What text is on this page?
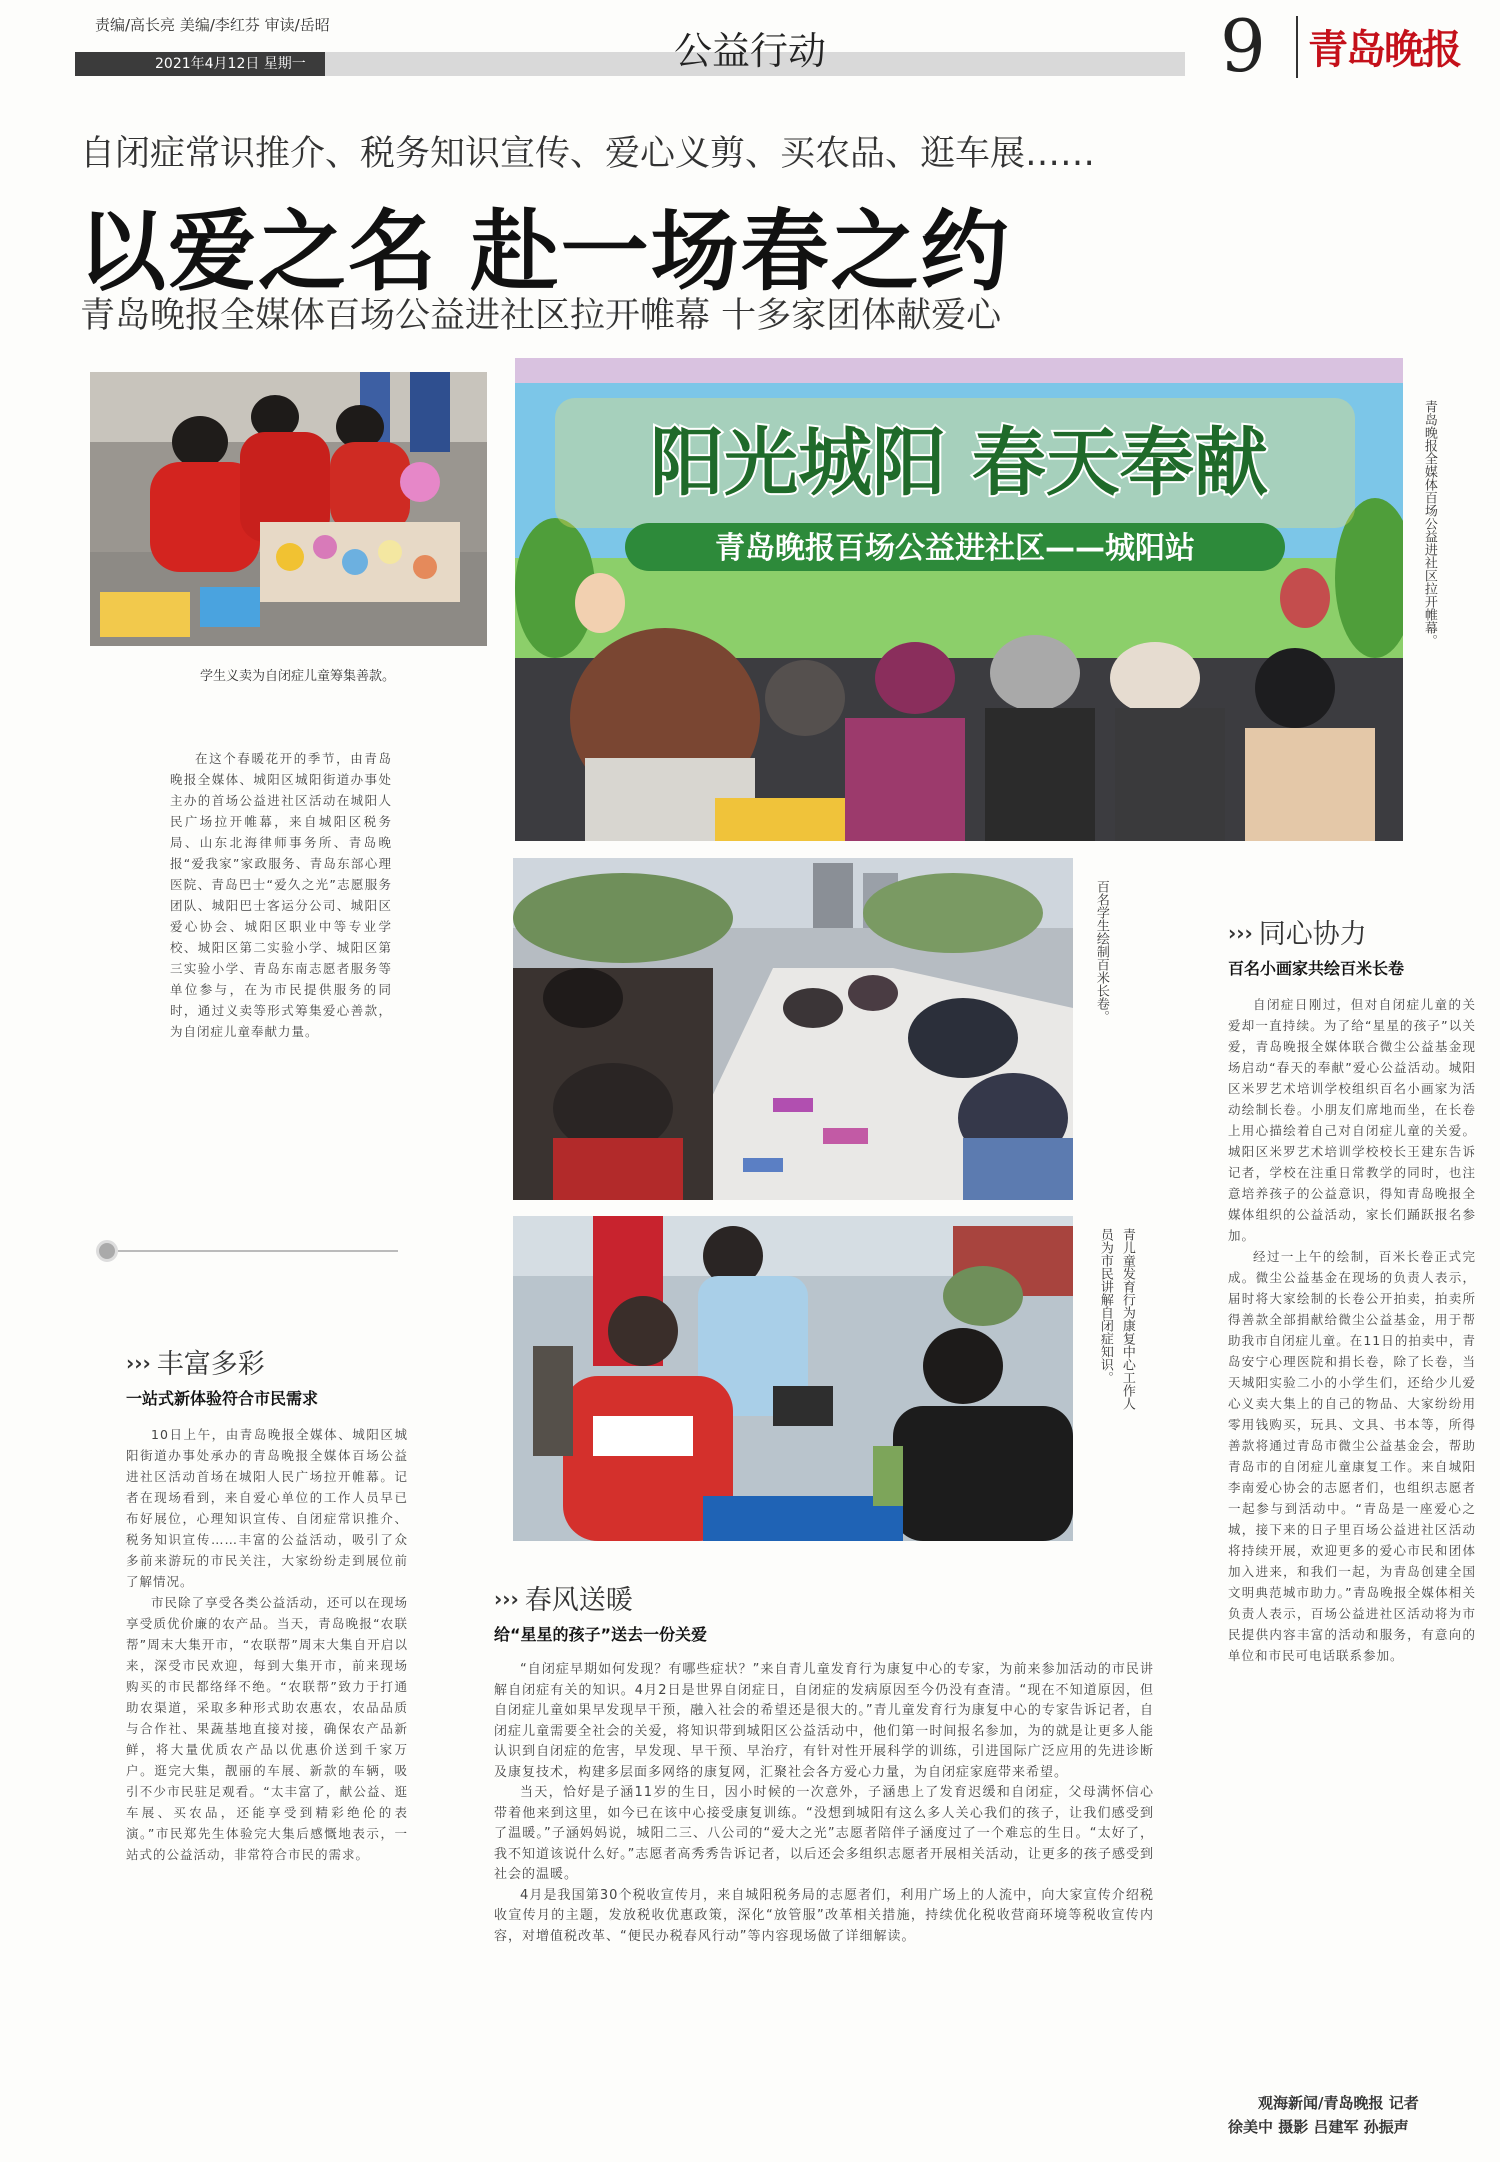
责编/高长亮 美编/李红芬 审读/岳昭
2021年4月12日 星期一	公益行动	9 青岛晚报
自闭症常识推介、税务知识宣传、爱心义剪、买农品、逛车展……
以爱之名 赴一场春之约
青岛晚报全媒体百场公益进社区拉开帷幕 十多家团体献爱心
学生义卖为自闭症儿童筹集善款。
阳光城阳 春天奉献
青岛晚报百场公益进社区——城阳站	青岛晚报全媒体百场公益进社区拉开帷幕。
百名学生绘制百米长卷。
青儿童发育行为康复中心工作人
员为市民讲解自闭症知识。

在这个春暖花开的季节，由青岛晚报全媒体、城阳区城阳街道办事处主办的首场公益进社区活动在城阳人民广场拉开帷幕，来自城阳区税务局、山东北海律师事务所、青岛晚报“爱我家”家政服务、青岛东部心理医院、青岛巴士“爱久之光”志愿服务团队、城阳巴士客运分公司、城阳区爱心协会、城阳区职业中等专业学校、城阳区第二实验小学、城阳区第三实验小学、青岛东南志愿者服务等单位参与，在为市民提供服务的同时，通过义卖等形式筹集爱心善款，为自闭症儿童奉献力量。

››› 丰富多彩
一站式新体验符合市民需求

10日上午，由青岛晚报全媒体、城阳区城阳街道办事处承办的青岛晚报全媒体百场公益进社区活动首场在城阳人民广场拉开帷幕。记者在现场看到，来自爱心单位的工作人员早已布好展位，心理知识宣传、自闭症常识推介、税务知识宣传……丰富的公益活动，吸引了众多前来游玩的市民关注，大家纷纷走到展位前了解情况。

市民除了享受各类公益活动，还可以在现场享受质优价廉的农产品。当天，青岛晚报“农联帮”周末大集开市，“农联帮”周末大集自开启以来，深受市民欢迎，每到大集开市，前来现场购买的市民都络绎不绝。“农联帮”致力于打通助农渠道，采取多种形式助农惠农，农品品质与合作社、果蔬基地直接对接，确保农产品新鲜，将大量优质农产品以优惠价送到千家万户。逛完大集，靓丽的车展、新款的车辆，吸引不少市民驻足观看。“太丰富了，献公益、逛车展、买农品，还能享受到精彩绝伦的表演。”市民郑先生体验完大集后感慨地表示，一站式的公益活动，非常符合市民的需求。

››› 春风送暖
给“星星的孩子”送去一份关爱

“自闭症早期如何发现？有哪些症状？”来自青儿童发育行为康复中心的专家，为前来参加活动的市民讲解自闭症有关的知识。4月2日是世界自闭症日，自闭症的发病原因至今仍没有查清。“现在不知道原因，但自闭症儿童如果早发现早干预，融入社会的希望还是很大的。”青儿童发育行为康复中心的专家告诉记者，自闭症儿童需要全社会的关爱，将知识带到城阳区公益活动中，他们第一时间报名参加，为的就是让更多人能认识到自闭症的危害，早发现、早干预、早治疗，有针对性开展科学的训练，引进国际广泛应用的先进诊断及康复技术，构建多层面多网络的康复网，汇聚社会各方爱心力量，为自闭症家庭带来希望。

当天，恰好是子涵11岁的生日，因小时候的一次意外，子涵患上了发育迟缓和自闭症，父母满怀信心带着他来到这里，如今已在该中心接受康复训练。“没想到城阳有这么多人关心我们的孩子，让我们感受到了温暖。”子涵妈妈说，城阳二三、八公司的“爱大之光”志愿者陪伴子涵度过了一个难忘的生日。“太好了，我不知道该说什么好。”志愿者高秀秀告诉记者，以后还会多组织志愿者开展相关活动，让更多的孩子感受到社会的温暖。

4月是我国第30个税收宣传月，来自城阳税务局的志愿者们，利用广场上的人流中，向大家宣传介绍税收宣传月的主题，发放税收优惠政策，深化“放管服”改革相关措施，持续优化税收营商环境等税收宣传内容，对增值税改革、“便民办税春风行动”等内容现场做了详细解读。

››› 同心协力
百名小画家共绘百米长卷

自闭症日刚过，但对自闭症儿童的关爱却一直持续。为了给“星星的孩子”以关爱，青岛晚报全媒体联合微尘公益基金现场启动“春天的奉献”爱心公益活动。城阳区米罗艺术培训学校组织百名小画家为活动绘制长卷。小朋友们席地而坐，在长卷上用心描绘着自己对自闭症儿童的关爱。城阳区米罗艺术培训学校校长王建东告诉记者，学校在注重日常教学的同时，也注意培养孩子的公益意识，得知青岛晚报全媒体组织的公益活动，家长们踊跃报名参加。

经过一上午的绘制，百米长卷正式完成。微尘公益基金在现场的负责人表示，届时将大家绘制的长卷公开拍卖，拍卖所得善款全部捐献给微尘公益基金，用于帮助我市自闭症儿童。在11日的拍卖中，青岛安宁心理医院和捐长卷，除了长卷，当天城阳实验二小的小学生们，还给少儿爱心义卖大集上的自己的物品、大家纷纷用零用钱购买，玩具、文具、书本等，所得善款将通过青岛市微尘公益基金会，帮助青岛市的自闭症儿童康复工作。来自城阳李南爱心协会的志愿者们，也组织志愿者一起参与到活动中。“青岛是一座爱心之城，接下来的日子里百场公益进社区活动将持续开展，欢迎更多的爱心市民和团体加入进来，和我们一起，为青岛创建全国文明典范城市助力。”青岛晚报全媒体相关负责人表示，百场公益进社区活动将为市民提供内容丰富的活动和服务，有意向的单位和市民可电话联系参加。

观海新闻/青岛晚报 记者
徐美中 摄影 吕建军 孙振声
